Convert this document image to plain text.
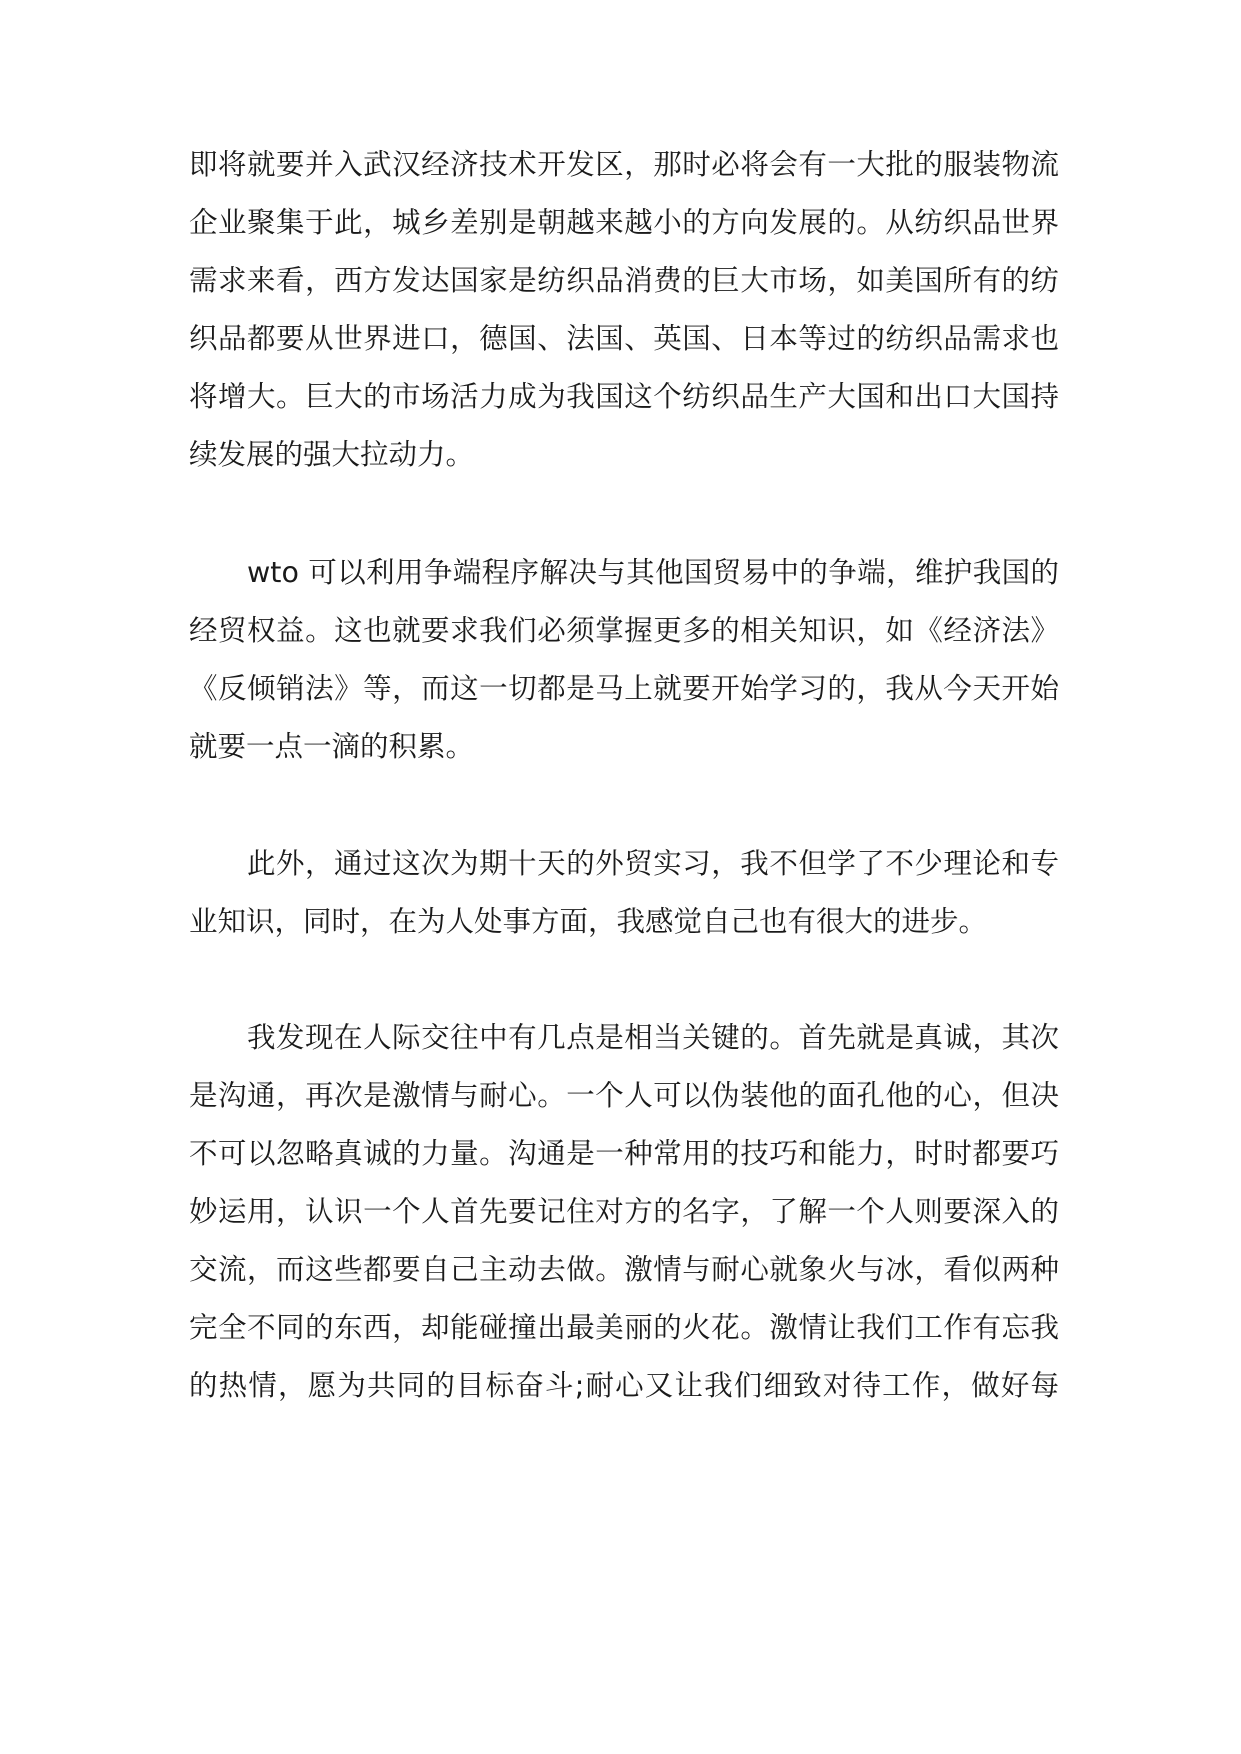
即将就要并入武汉经济技术开发区，那时必将会有一大批的服装物流
企业聚集于此，城乡差别是朝越来越小的方向发展的。从纺织品世界
需求来看，西方发达国家是纺织品消费的巨大市场，如美国所有的纺
织品都要从世界进口，德国、法国、英国、日本等过的纺织品需求也
将增大。巨大的市场活力成为我国这个纺织品生产大国和出口大国持
续发展的强大拉动力。
wto 可以利用争端程序解决与其他国贸易中的争端，维护我国的
经贸权益。这也就要求我们必须掌握更多的相关知识，如《经济法》
《反倾销法》等，而这一切都是马上就要开始学习的，我从今天开始
就要一点一滴的积累。
此外，通过这次为期十天的外贸实习，我不但学了不少理论和专
业知识，同时，在为人处事方面，我感觉自己也有很大的进步。
我发现在人际交往中有几点是相当关键的。首先就是真诚，其次
是沟通，再次是激情与耐心。一个人可以伪装他的面孔他的心，但决
不可以忽略真诚的力量。沟通是一种常用的技巧和能力，时时都要巧
妙运用，认识一个人首先要记住对方的名字，了解一个人则要深入的
交流，而这些都要自己主动去做。激情与耐心就象火与冰，看似两种
完全不同的东西，却能碰撞出最美丽的火花。激情让我们工作有忘我
的热情，愿为共同的目标奋斗;耐心又让我们细致对待工作，做好每
